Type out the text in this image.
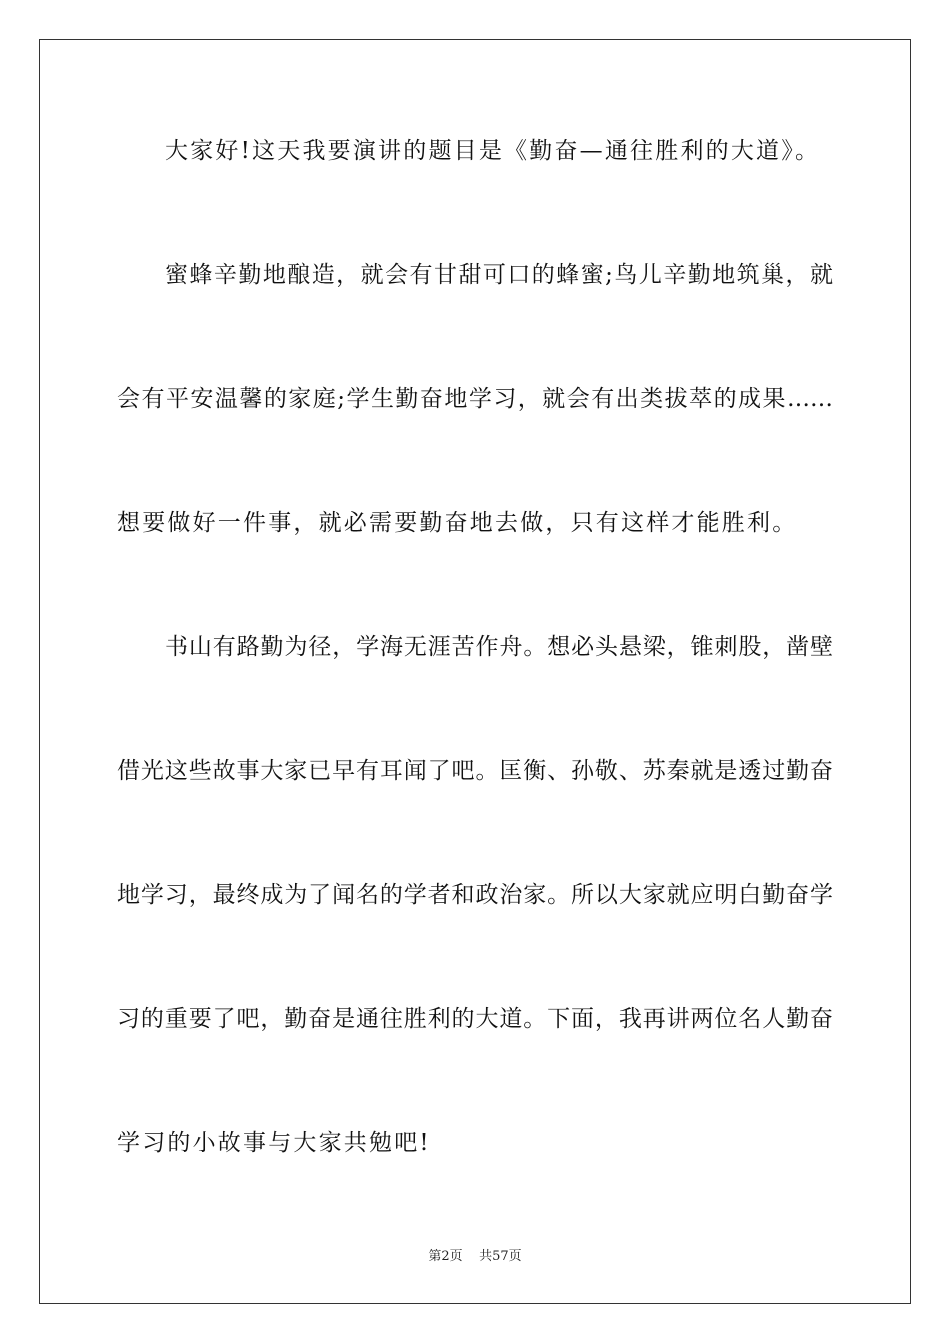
大家好!这天我要演讲的题目是《勤奋—通往胜利的大道》。
蜜蜂辛勤地酿造，就会有甘甜可口的蜂蜜;鸟儿辛勤地筑巢，就
会有平安温馨的家庭;学生勤奋地学习，就会有出类拔萃的成果……
想要做好一件事，就必需要勤奋地去做，只有这样才能胜利。
书山有路勤为径，学海无涯苦作舟。想必头悬梁，锥刺股，凿壁
借光这些故事大家已早有耳闻了吧。匡衡、孙敬、苏秦就是透过勤奋
地学习，最终成为了闻名的学者和政治家。所以大家就应明白勤奋学
习的重要了吧，勤奋是通往胜利的大道。下面，我再讲两位名人勤奋
学习的小故事与大家共勉吧!
第2页 共57页
